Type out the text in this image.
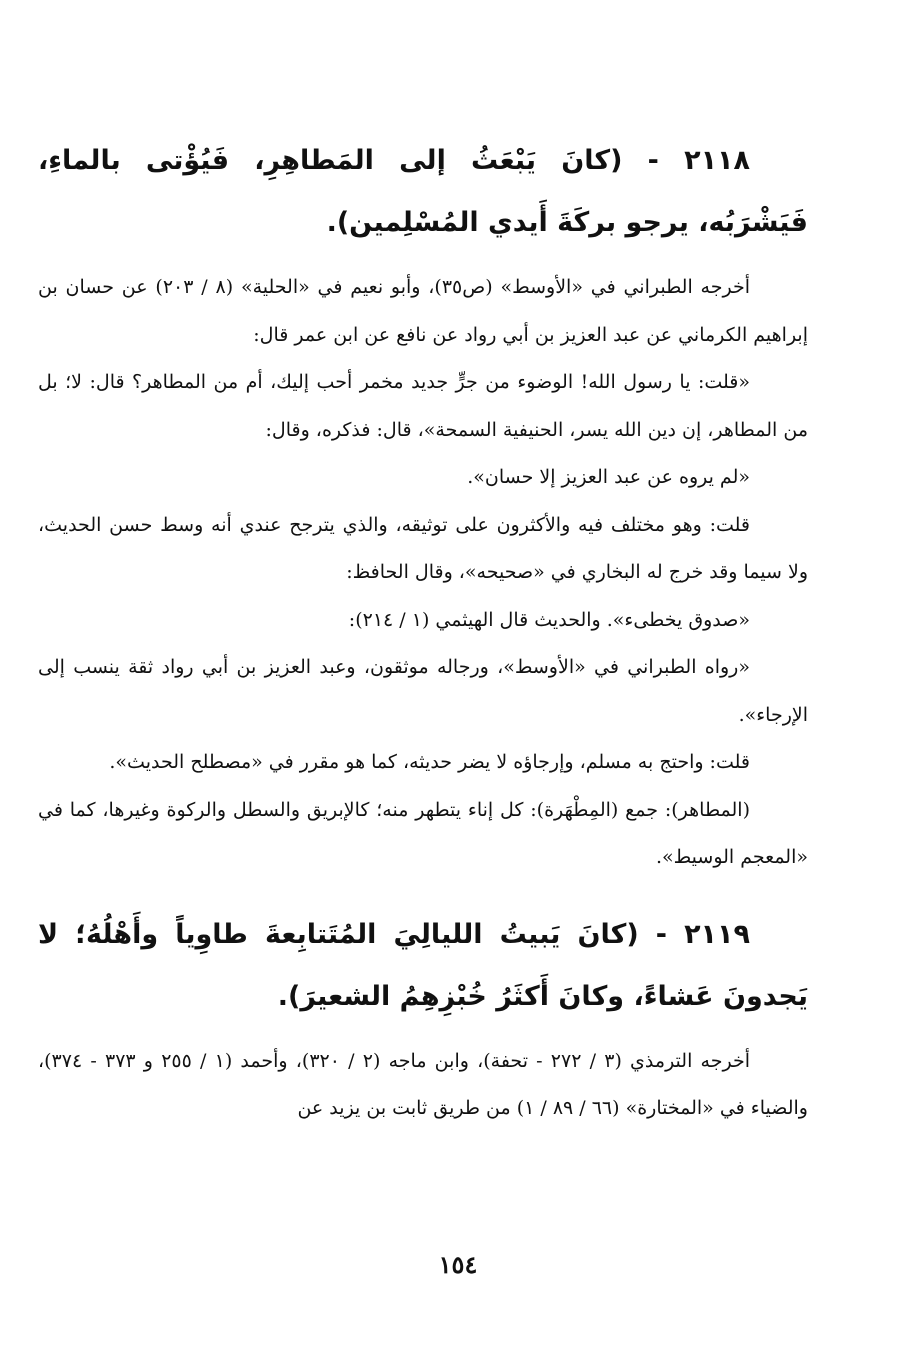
٢١١٨ - (كانَ يَبْعَثُ إلى المَطاهِرِ، فَيُؤْتى بالماءِ، فَيَشْرَبُه، يرجو بركَةَ أَيدي المُسْلِمين).

أخرجه الطبراني في «الأوسط» (ص٣٥)، وأبو نعيم في «الحلية» (٨ / ٢٠٣) عن حسان بن إبراهيم الكرماني عن عبد العزيز بن أبي رواد عن نافع عن ابن عمر قال:

«قلت: يا رسول الله! الوضوء من جرٍّ جديد مخمر أحب إليك، أم من المطاهر؟ قال: لا؛ بل من المطاهر، إن دين الله يسر، الحنيفية السمحة»، قال: فذكره، وقال:

«لم يروه عن عبد العزيز إلا حسان».

قلت: وهو مختلف فيه والأكثرون على توثيقه، والذي يترجح عندي أنه وسط حسن الحديث، ولا سيما وقد خرج له البخاري في «صحيحه»، وقال الحافظ:

«صدوق يخطىء». والحديث قال الهيثمي (١ / ٢١٤):

«رواه الطبراني في «الأوسط»، ورجاله موثقون، وعبد العزيز بن أبي رواد ثقة ينسب إلى الإرجاء».

قلت: واحتج به مسلم، وإرجاؤه لا يضر حديثه، كما هو مقرر في «مصطلح الحديث».

(المطاهر): جمع (المِطْهَرة): كل إناء يتطهر منه؛ كالإبريق والسطل والركوة وغيرها، كما في «المعجم الوسيط».

٢١١٩ - (كانَ يَبيتُ الليالِيَ المُتَتابِعةَ طاوِياً وأَهْلُهُ؛ لا يَجدونَ عَشاءً، وكانَ أَكثَرُ خُبْزِهِمُ الشعيرَ).

أخرجه الترمذي (٣ / ٢٧٢ - تحفة)، وابن ماجه (٢ / ٣٢٠)، وأحمد (١ / ٢٥٥ و ٣٧٣ - ٣٧٤)، والضياء في «المختارة» (٦٦ / ٨٩ / ١) من طريق ثابت بن يزيد عن

١٥٤
